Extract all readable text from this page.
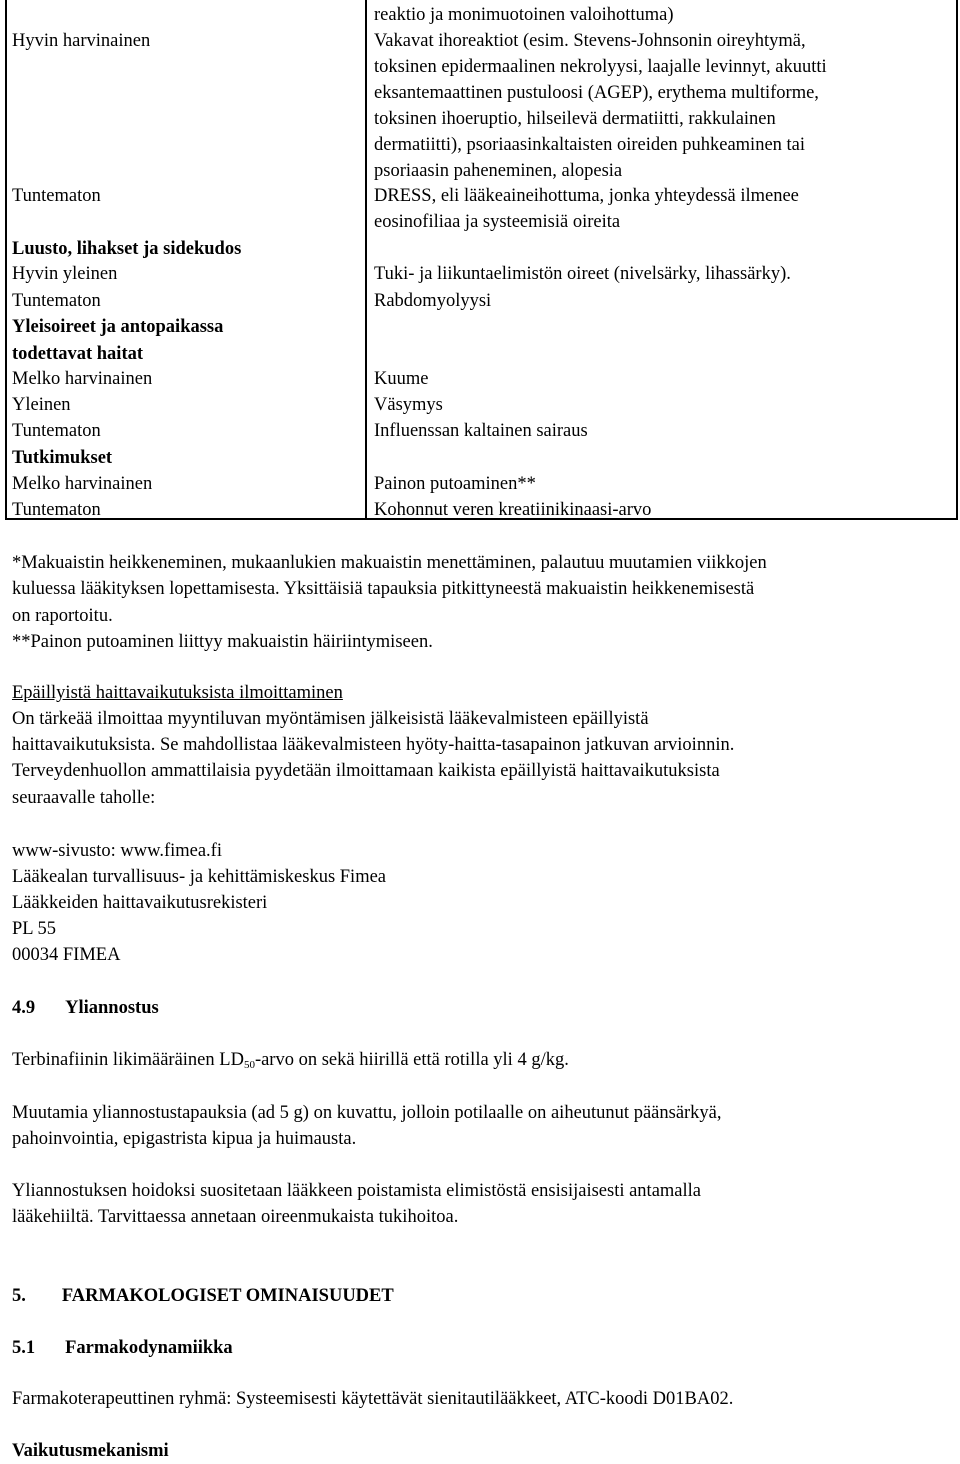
Hyvin harvinainen
Tuntematon
Luusto, lihakset ja sidekudos
Hyvin yleinen
Tuntematon
Yleisoireet ja antopaikassa
todettavat haitat
Melko harvinainen
Yleinen
Tuntematon
Tutkimukset
Melko harvinainen
Tuntematon
reaktio ja monimuotoinen valoihottuma)
Vakavat ihoreaktiot (esim. Stevens-Johnsonin oireyhtymä,
toksinen epidermaalinen nekrolyysi, laajalle levinnyt, akuutti
eksantemaattinen pustuloosi (AGEP), erythema multiforme,
toksinen ihoeruptio, hilseilevä dermatiitti, rakkulainen
dermatiitti), psoriaasinkaltaisten oireiden puhkeaminen tai
psoriaasin paheneminen, alopesia
DRESS, eli lääkeaineihottuma, jonka yhteydessä ilmenee
eosinofiliaa ja systeemisiä oireita
Tuki- ja liikuntaelimistön oireet (nivelsärky, lihassärky).
Rabdomyolyysi
Kuume
Väsymys
Influenssan kaltainen sairaus
Painon putoaminen**
Kohonnut veren kreatiinikinaasi-arvo
*Makuaistin heikkeneminen, mukaanlukien makuaistin menettäminen, palautuu muutamien viikkojen
kuluessa lääkityksen lopettamisesta. Yksittäisiä tapauksia pitkittyneestä makuaistin heikkenemisestä
on raportoitu.
**Painon putoaminen liittyy makuaistin häiriintymiseen.
Epäillyistä haittavaikutuksista ilmoittaminen
On tärkeää ilmoittaa myyntiluvan myöntämisen jälkeisistä lääkevalmisteen epäillyistä
haittavaikutuksista. Se mahdollistaa lääkevalmisteen hyöty-haitta-tasapainon jatkuvan arvioinnin.
Terveydenhuollon ammattilaisia pyydetään ilmoittamaan kaikista epäillyistä haittavaikutuksista
seuraavalle taholle:
www-sivusto: www.fimea.fi
Lääkealan turvallisuus- ja kehittämiskeskus Fimea
Lääkkeiden haittavaikutusrekisteri
PL 55
00034 FIMEA
4.9 Yliannostus
Terbinafiinin likimääräinen $LD_{50}$-arvo on sekä hiirillä että rotilla yli 4 g/kg.
Muutamia yliannostustapauksia (ad 5 g) on kuvattu, jolloin potilaalle on aiheutunut päänsärkyä,
pahoinvointia, epigastrista kipua ja huimausta.
Yliannostuksen hoidoksi suositetaan lääkkeen poistamista elimistöstä ensisijaisesti antamalla
lääkehiiltä. Tarvittaessa annetaan oireenmukaista tukihoitoa.
5. FARMAKOLOGISET OMINAISUUDET
5.1 Farmakodynamiikka
Farmakoterapeuttinen ryhmä: Systeemisesti käytettävät sienitautilääkkeet, ATC-koodi D01BA02.
Vaikutusmekanismi
